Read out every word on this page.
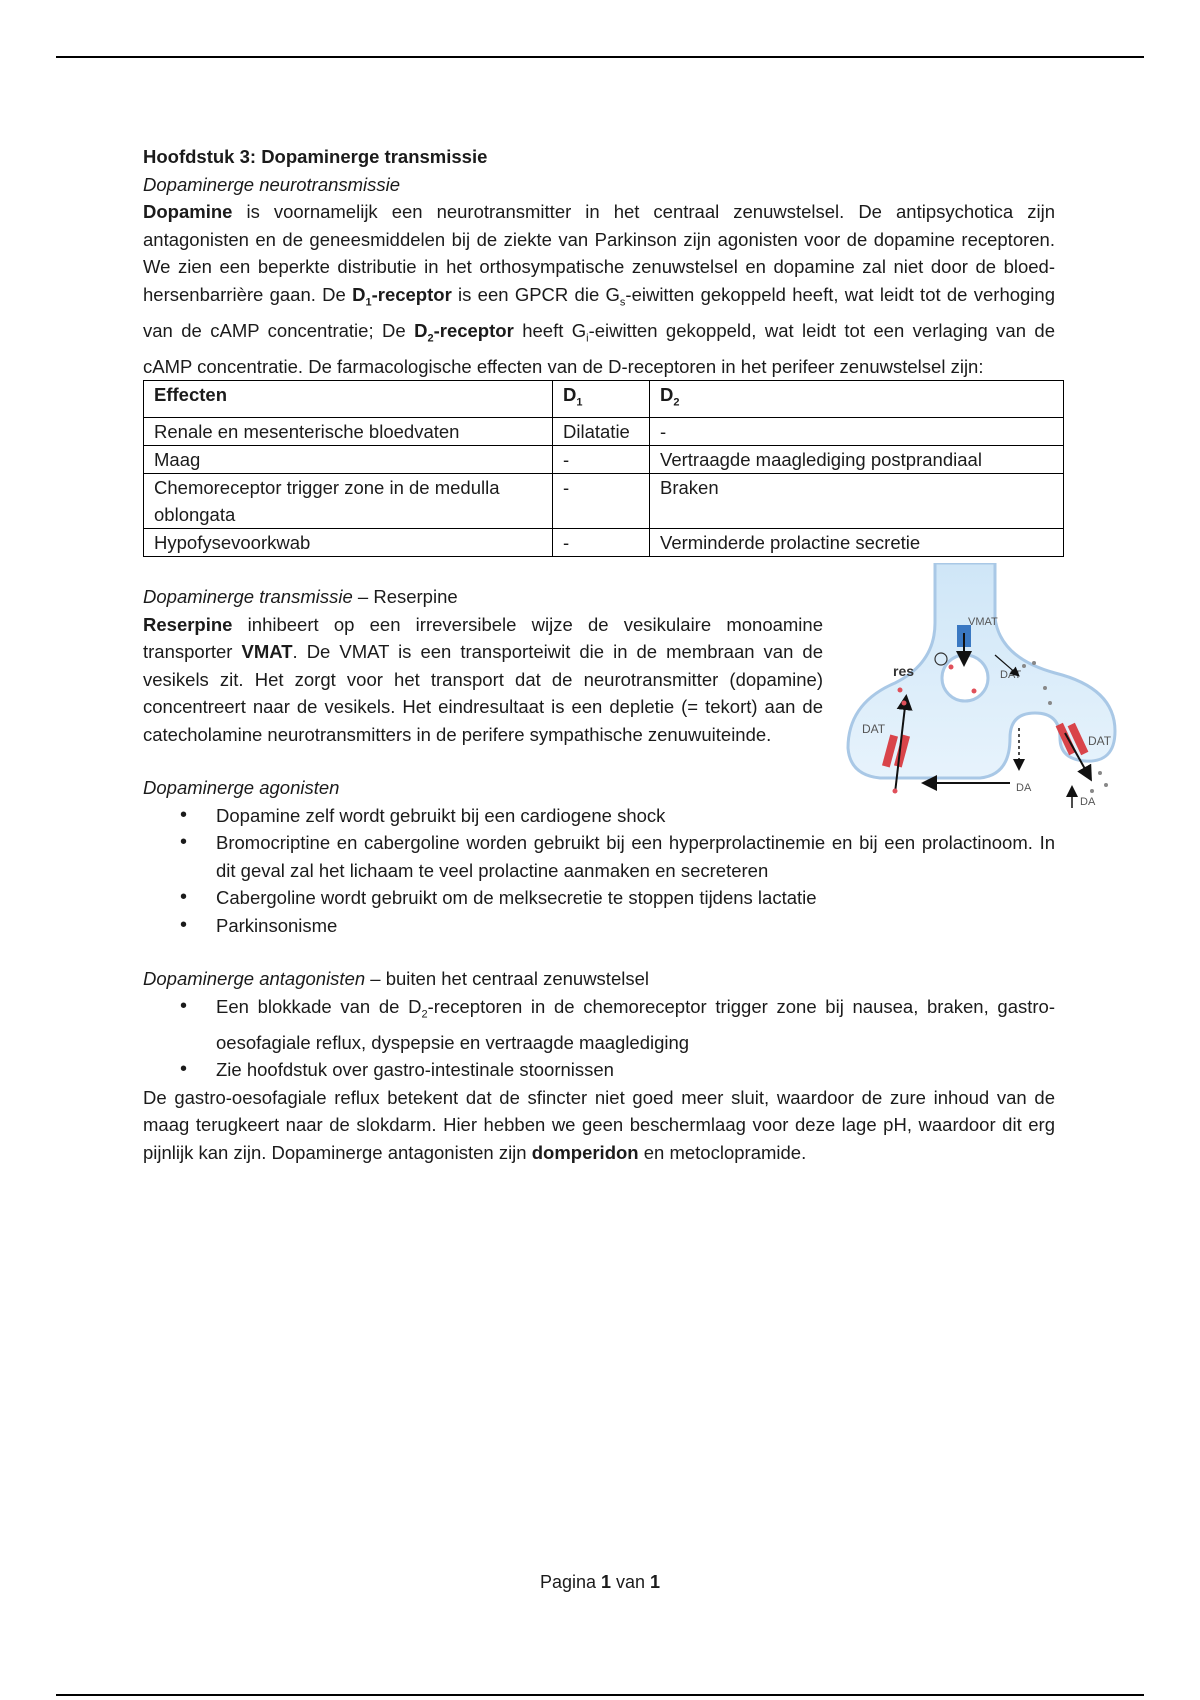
Hoofdstuk 3: Dopaminerge transmissie

Dopaminerge neurotransmissie

Dopamine is voornamelijk een neurotransmitter in het centraal zenuwstelsel. De antipsychotica zijn antagonisten en de geneesmiddelen bij de ziekte van Parkinson zijn agonisten voor de dopamine receptoren. We zien een beperkte distributie in het orthosympatische zenuwstelsel en dopamine zal niet door de bloed-hersenbarrière gaan. De $D_1$-receptor is een GPCR die $G_s$-eiwitten gekoppeld heeft, wat leidt tot de verhoging van de cAMP concentratie; De $D_2$-receptor heeft $G_i$-eiwitten gekoppeld, wat leidt tot een verlaging van de cAMP concentratie. De farmacologische effecten van de D-receptoren in het perifeer zenuwstelsel zijn:

Effecten	$D_1$	$D_2$
Renale en mesenterische bloedvaten	Dilatatie	-
Maag	-	Vertraagde maaglediging postprandiaal
Chemoreceptor trigger zone in de medulla oblongata	-	Braken
Hypofysevoorkwab	-	Verminderde prolactine secretie

Dopaminerge transmissie – Reserpine

Reserpine inhibeert op een irreversibele wijze de vesikulaire monoamine transporter VMAT. De VMAT is een transporteiwit die in de membraan van de vesikels zit. Het zorgt voor het transport dat de neurotransmitter (dopamine) concentreert naar de vesikels. Het eindresultaat is een depletie (= tekort) aan de catecholamine neurotransmitters in de perifere sympathische zenuwuiteinde.

res
VMAT
DAT
DAT
DAT
DA
DA

Dopaminerge agonisten

• Dopamine zelf wordt gebruikt bij een cardiogene shock
• Bromocriptine en cabergoline worden gebruikt bij een hyperprolactinemie en bij een prolactinoom. In dit geval zal het lichaam te veel prolactine aanmaken en secreteren
• Cabergoline wordt gebruikt om de melksecretie te stoppen tijdens lactatie
• Parkinsonisme

Dopaminerge antagonisten – buiten het centraal zenuwstelsel

• Een blokkade van de $D_2$-receptoren in de chemoreceptor trigger zone bij nausea, braken, gastro-oesofagiale reflux, dyspepsie en vertraagde maaglediging
• Zie hoofdstuk over gastro-intestinale stoornissen

De gastro-oesofagiale reflux betekent dat de sfincter niet goed meer sluit, waardoor de zure inhoud van de maag terugkeert naar de slokdarm. Hier hebben we geen beschermlaag voor deze lage pH, waardoor dit erg pijnlijk kan zijn. Dopaminerge antagonisten zijn domperidon en metoclopramide.

Pagina 1 van 1
